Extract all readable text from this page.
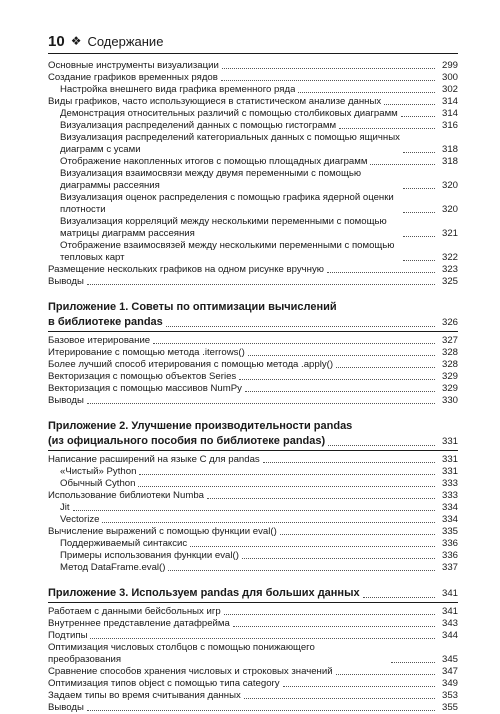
10 ❖ Содержание
Основные инструменты визуализации	299
Создание графиков временных рядов	300
Настройка внешнего вида графика временного ряда	302
Виды графиков, часто использующиеся в статистическом анализе данных	314
Демонстрация относительных различий с помощью столбиковых диаграмм	314
Визуализация распределений данных с помощью гистограмм	316
Визуализация распределений категориальных данных с помощью ящичных диаграмм с усами	318
Отображение накопленных итогов с помощью площадных диаграмм	318
Визуализация взаимосвязи между двумя переменными с помощью диаграммы рассеяния	320
Визуализация оценок распределения с помощью графика ядерной оценки плотности	320
Визуализация корреляций между несколькими переменными с помощью матрицы диаграмм рассеяния	321
Отображение взаимосвязей между несколькими переменными с помощью тепловых карт	322
Размещение нескольких графиков на одном рисунке вручную	323
Выводы	325
Приложение 1. Советы по оптимизации вычислений
в библиотеке pandas	326
Базовое итерирование	327
Итерирование с помощью метода .iterrows()	328
Более лучший способ итерирования с помощью метода .apply()	328
Векторизация с помощью объектов Series	329
Векторизация с помощью массивов NumPy	329
Выводы	330
Приложение 2. Улучшение производительности pandas
(из официального пособия по библиотеке pandas)	331
Написание расширений на языке C для pandas	331
«Чистый» Python	331
Обычный Cython	333
Использование библиотеки Numba	333
Jit	334
Vectorize	334
Вычисление выражений с помощью функции eval()	335
Поддерживаемый синтаксис	336
Примеры использования функции eval()	336
Метод DataFrame.eval()	337
Приложение 3. Используем pandas для больших данных	341
Работаем с данными бейсбольных игр	341
Внутреннее представление датафрейма	343
Подтипы	344
Оптимизация числовых столбцов с помощью понижающего преобразования	345
Сравнение способов хранения числовых и строковых значений	347
Оптимизация типов object с помощью типа category	349
Задаем типы во время считывания данных	353
Выводы	355
